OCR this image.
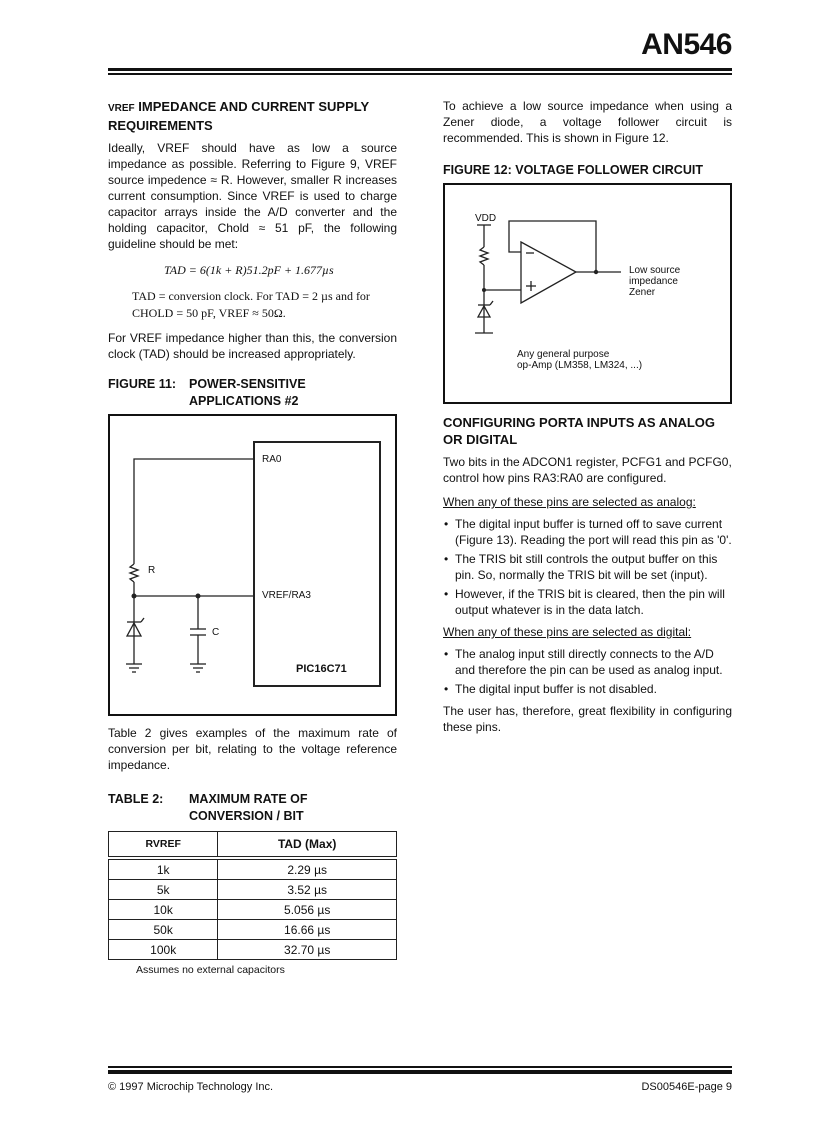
AN546
VREF IMPEDANCE AND CURRENT SUPPLY REQUIREMENTS

Ideally, VREF should have as low a source impedance as possible. Referring to Figure 9, VREF source impedence ≈ R. However, smaller R increases current consumption. Since VREF is used to charge capacitor arrays inside the A/D converter and the holding capacitor, Chold ≈ 51 pF, the following guideline should be met:

TAD = 6(1k + R)51.2pF + 1.677µs
TAD = conversion clock. For TAD = 2 µs and for
CHOLD = 50 pF, VREF ≈ 50Ω.

For VREF impedance higher than this, the conversion clock (TAD) should be increased appropriately.

FIGURE 11: POWER-SENSITIVE
APPLICATIONS #2
RA0
VREF/RA3
PIC16C71
R
C

Table 2 gives examples of the maximum rate of conversion per bit, relating to the voltage reference impedance.

TABLE 2: MAXIMUM RATE OF
CONVERSION / BIT
RVREF	TAD (Max)
1k	2.29 µs
5k	3.52 µs
10k	5.056 µs
50k	16.66 µs
100k	32.70 µs
Assumes no external capacitors

To achieve a low source impedance when using a Zener diode, a voltage follower circuit is recommended. This is shown in Figure 12.

FIGURE 12: VOLTAGE FOLLOWER CIRCUIT
VDD
Low source
impedance
Zener
Any general purpose
op-Amp (LM358, LM324, ...)
CONFIGURING PORTA INPUTS AS ANALOG OR DIGITAL

Two bits in the ADCON1 register, PCFG1 and PCFG0, control how pins RA3:RA0 are configured.

When any of these pins are selected as analog:
• The digital input buffer is turned off to save current (Figure 13). Reading the port will read this pin as '0'.
• The TRIS bit still controls the output buffer on this pin. So, normally the TRIS bit will be set (input).
• However, if the TRIS bit is cleared, then the pin will output whatever is in the data latch.
When any of these pins are selected as digital:
• The analog input still directly connects to the A/D and therefore the pin can be used as analog input.
• The digital input buffer is not disabled.

The user has, therefore, great flexibility in configuring these pins.

© 1997 Microchip Technology Inc.	DS00546E-page 9
